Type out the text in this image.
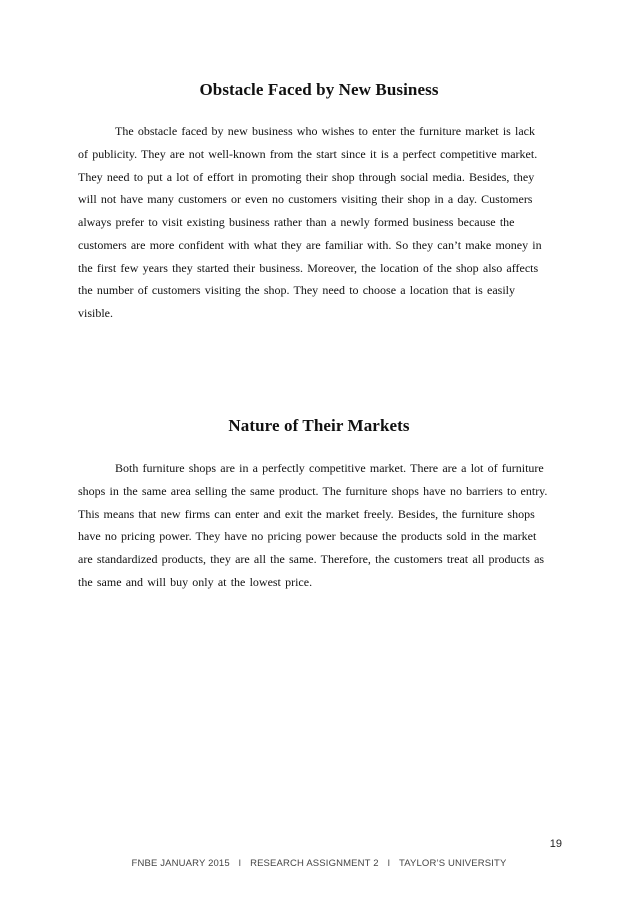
Obstacle Faced by New Business
The obstacle faced by new business who wishes to enter the furniture market is lack
of publicity. They are not well-known from the start since it is a perfect competitive market.
They need to put a lot of effort in promoting their shop through social media. Besides, they
will not have many customers or even no customers visiting their shop in a day. Customers
always prefer to visit existing business rather than a newly formed business because the
customers are more confident with what they are familiar with. So they can’t make money in
the first few years they started their business. Moreover, the location of the shop also affects
the number of customers visiting the shop. They need to choose a location that is easily
visible.
Nature of Their Markets
Both furniture shops are in a perfectly competitive market. There are a lot of furniture
shops in the same area selling the same product. The furniture shops have no barriers to entry.
This means that new firms can enter and exit the market freely. Besides, the furniture shops
have no pricing power. They have no pricing power because the products sold in the market
are standardized products, they are all the same. Therefore, the customers treat all products as
the same and will buy only at the lowest price.
19
FNBE JANUARY 2015 l RESEARCH ASSIGNMENT 2 l TAYLOR’S UNIVERSITY
